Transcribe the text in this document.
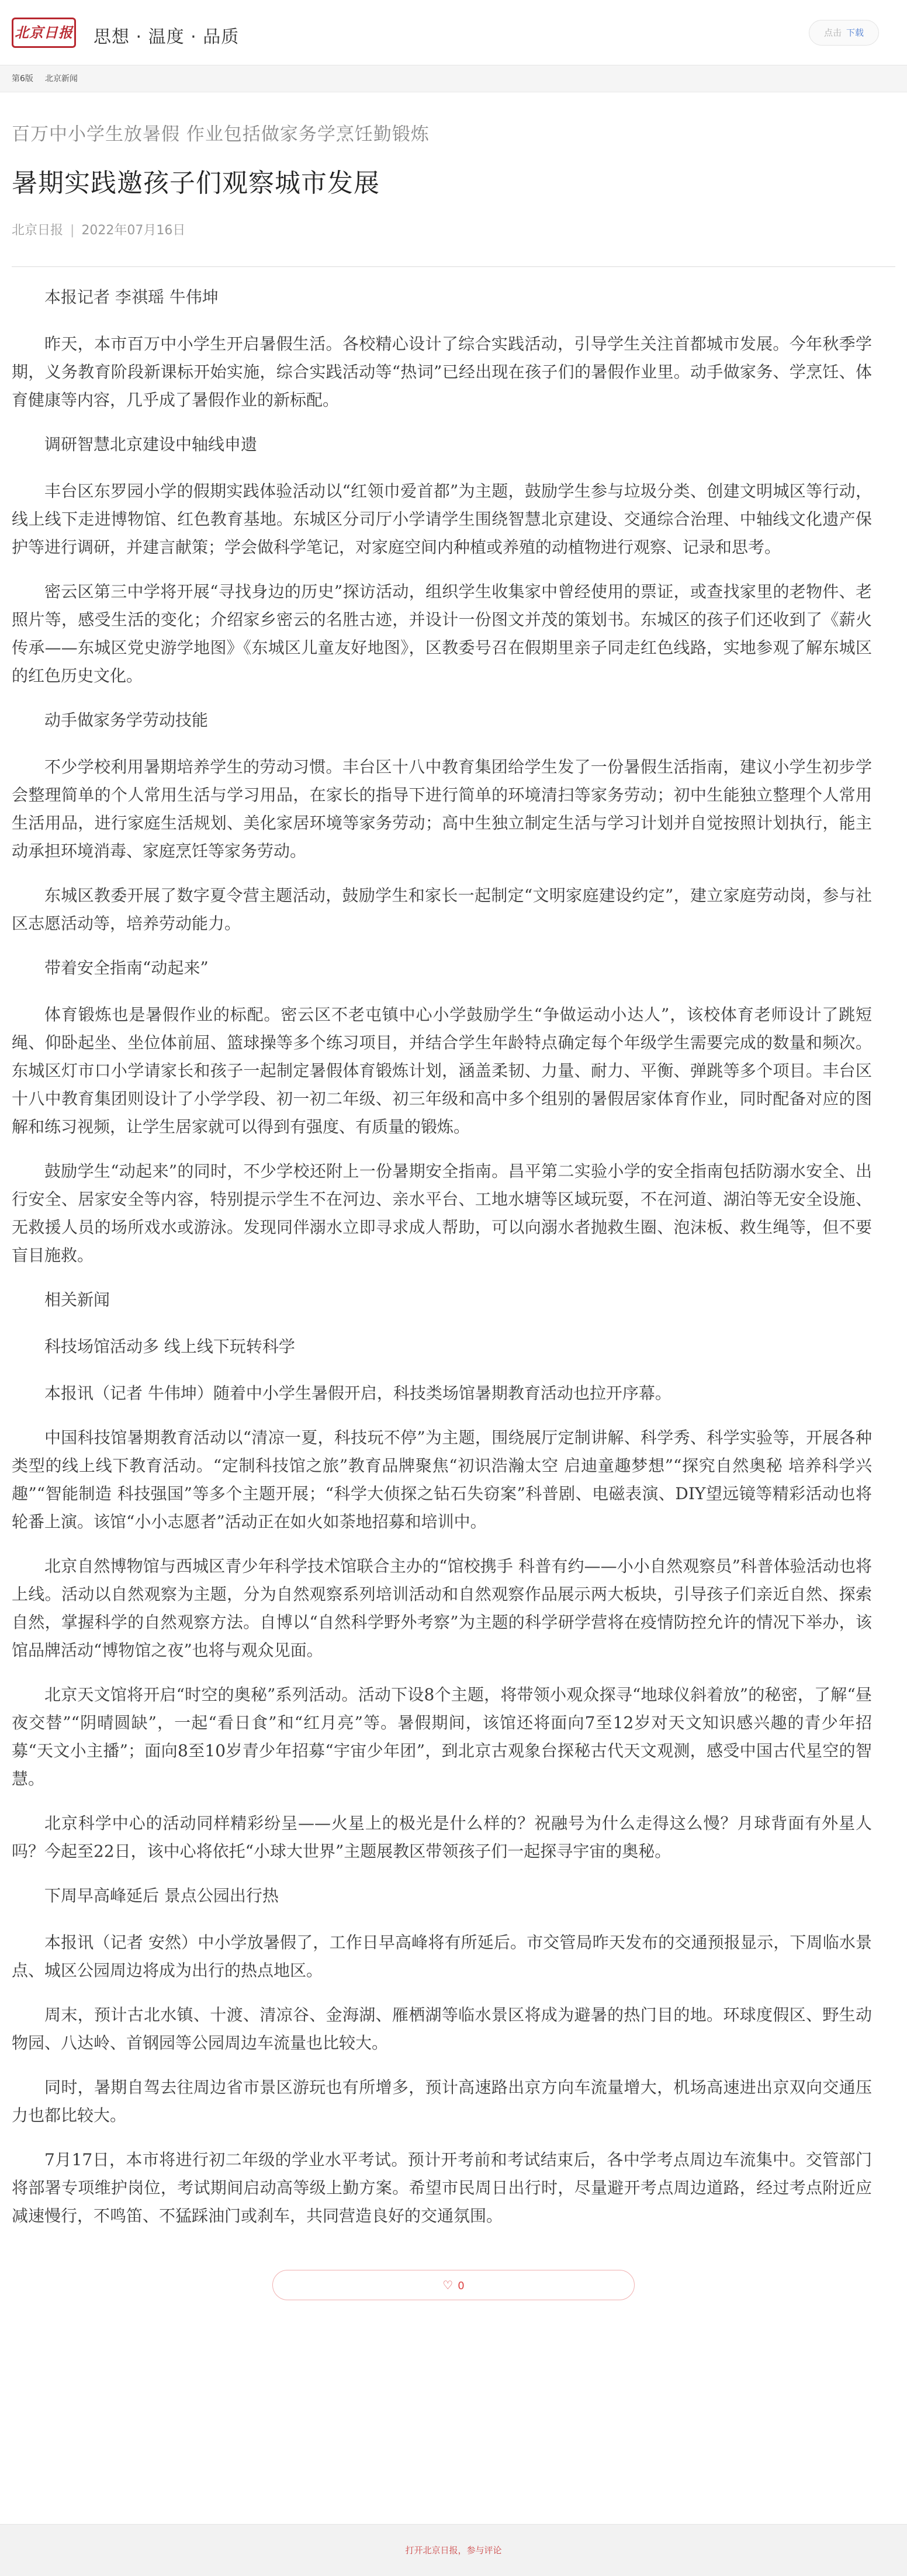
北京日报 思想 · 温度 · 品质	点击 下载
第6版 北京新闻
百万中小学生放暑假 作业包括做家务学烹饪勤锻炼
暑期实践邀孩子们观察城市发展
北京日报| 2022年07月16日

本报记者 李祺瑶 牛伟坤

昨天，本市百万中小学生开启暑假生活。各校精心设计了综合实践活动，引导学生关注首都城市发展。今年秋季学期，义务教育阶段新课标开始实施，综合实践活动等“热词”已经出现在孩子们的暑假作业里。动手做家务、学烹饪、体育健康等内容，几乎成了暑假作业的新标配。

调研智慧北京建设中轴线申遗

丰台区东罗园小学的假期实践体验活动以“红领巾爱首都”为主题，鼓励学生参与垃圾分类、创建文明城区等行动，线上线下走进博物馆、红色教育基地。东城区分司厅小学请学生围绕智慧北京建设、交通综合治理、中轴线文化遗产保护等进行调研，并建言献策；学会做科学笔记，对家庭空间内种植或养殖的动植物进行观察、记录和思考。

密云区第三中学将开展“寻找身边的历史”探访活动，组织学生收集家中曾经使用的票证，或查找家里的老物件、老照片等，感受生活的变化；介绍家乡密云的名胜古迹，并设计一份图文并茂的策划书。东城区的孩子们还收到了《薪火传承——东城区党史游学地图》《东城区儿童友好地图》，区教委号召在假期里亲子同走红色线路，实地参观了解东城区的红色历史文化。

动手做家务学劳动技能

不少学校利用暑期培养学生的劳动习惯。丰台区十八中教育集团给学生发了一份暑假生活指南，建议小学生初步学会整理简单的个人常用生活与学习用品，在家长的指导下进行简单的环境清扫等家务劳动；初中生能独立整理个人常用生活用品，进行家庭生活规划、美化家居环境等家务劳动；高中生独立制定生活与学习计划并自觉按照计划执行，能主动承担环境消毒、家庭烹饪等家务劳动。

东城区教委开展了数字夏令营主题活动，鼓励学生和家长一起制定“文明家庭建设约定”，建立家庭劳动岗，参与社区志愿活动等，培养劳动能力。

带着安全指南“动起来”

体育锻炼也是暑假作业的标配。密云区不老屯镇中心小学鼓励学生“争做运动小达人”，该校体育老师设计了跳短绳、仰卧起坐、坐位体前屈、篮球操等多个练习项目，并结合学生年龄特点确定每个年级学生需要完成的数量和频次。东城区灯市口小学请家长和孩子一起制定暑假体育锻炼计划，涵盖柔韧、力量、耐力、平衡、弹跳等多个项目。丰台区十八中教育集团则设计了小学学段、初一初二年级、初三年级和高中多个组别的暑假居家体育作业，同时配备对应的图解和练习视频，让学生居家就可以得到有强度、有质量的锻炼。

鼓励学生“动起来”的同时，不少学校还附上一份暑期安全指南。昌平第二实验小学的安全指南包括防溺水安全、出行安全、居家安全等内容，特别提示学生不在河边、亲水平台、工地水塘等区域玩耍，不在河道、湖泊等无安全设施、无救援人员的场所戏水或游泳。发现同伴溺水立即寻求成人帮助，可以向溺水者抛救生圈、泡沫板、救生绳等，但不要盲目施救。

相关新闻

科技场馆活动多 线上线下玩转科学

本报讯（记者 牛伟坤）随着中小学生暑假开启，科技类场馆暑期教育活动也拉开序幕。

中国科技馆暑期教育活动以“清凉一夏，科技玩不停”为主题，围绕展厅定制讲解、科学秀、科学实验等，开展各种类型的线上线下教育活动。“定制科技馆之旅”教育品牌聚焦“初识浩瀚太空 启迪童趣梦想”“探究自然奥秘 培养科学兴趣”“智能制造 科技强国”等多个主题开展；“科学大侦探之钻石失窃案”科普剧、电磁表演、DIY望远镜等精彩活动也将轮番上演。该馆“小小志愿者”活动正在如火如荼地招募和培训中。

北京自然博物馆与西城区青少年科学技术馆联合主办的“馆校携手 科普有约——小小自然观察员”科普体验活动也将上线。活动以自然观察为主题，分为自然观察系列培训活动和自然观察作品展示两大板块，引导孩子们亲近自然、探索自然，掌握科学的自然观察方法。自博以“自然科学野外考察”为主题的科学研学营将在疫情防控允许的情况下举办，该馆品牌活动“博物馆之夜”也将与观众见面。

北京天文馆将开启“时空的奥秘”系列活动。活动下设8个主题，将带领小观众探寻“地球仪斜着放”的秘密，了解“昼夜交替”“阴晴圆缺”，一起“看日食”和“红月亮”等。暑假期间，该馆还将面向7至12岁对天文知识感兴趣的青少年招募“天文小主播”；面向8至10岁青少年招募“宇宙少年团”，到北京古观象台探秘古代天文观测，感受中国古代星空的智慧。

北京科学中心的活动同样精彩纷呈——火星上的极光是什么样的？祝融号为什么走得这么慢？月球背面有外星人吗？今起至22日，该中心将依托“小球大世界”主题展教区带领孩子们一起探寻宇宙的奥秘。

下周早高峰延后 景点公园出行热

本报讯（记者 安然）中小学放暑假了，工作日早高峰将有所延后。市交管局昨天发布的交通预报显示，下周临水景点、城区公园周边将成为出行的热点地区。

周末，预计古北水镇、十渡、清凉谷、金海湖、雁栖湖等临水景区将成为避暑的热门目的地。环球度假区、野生动物园、八达岭、首钢园等公园周边车流量也比较大。

同时，暑期自驾去往周边省市景区游玩也有所增多，预计高速路出京方向车流量增大，机场高速进出京双向交通压力也都比较大。

7月17日，本市将进行初二年级的学业水平考试。预计开考前和考试结束后，各中学考点周边车流集中。交管部门将部署专项维护岗位，考试期间启动高等级上勤方案。希望市民周日出行时，尽量避开考点周边道路，经过考点附近应减速慢行，不鸣笛、不猛踩油门或刹车，共同营造良好的交通氛围。

♡ 0
打开北京日报，参与评论
